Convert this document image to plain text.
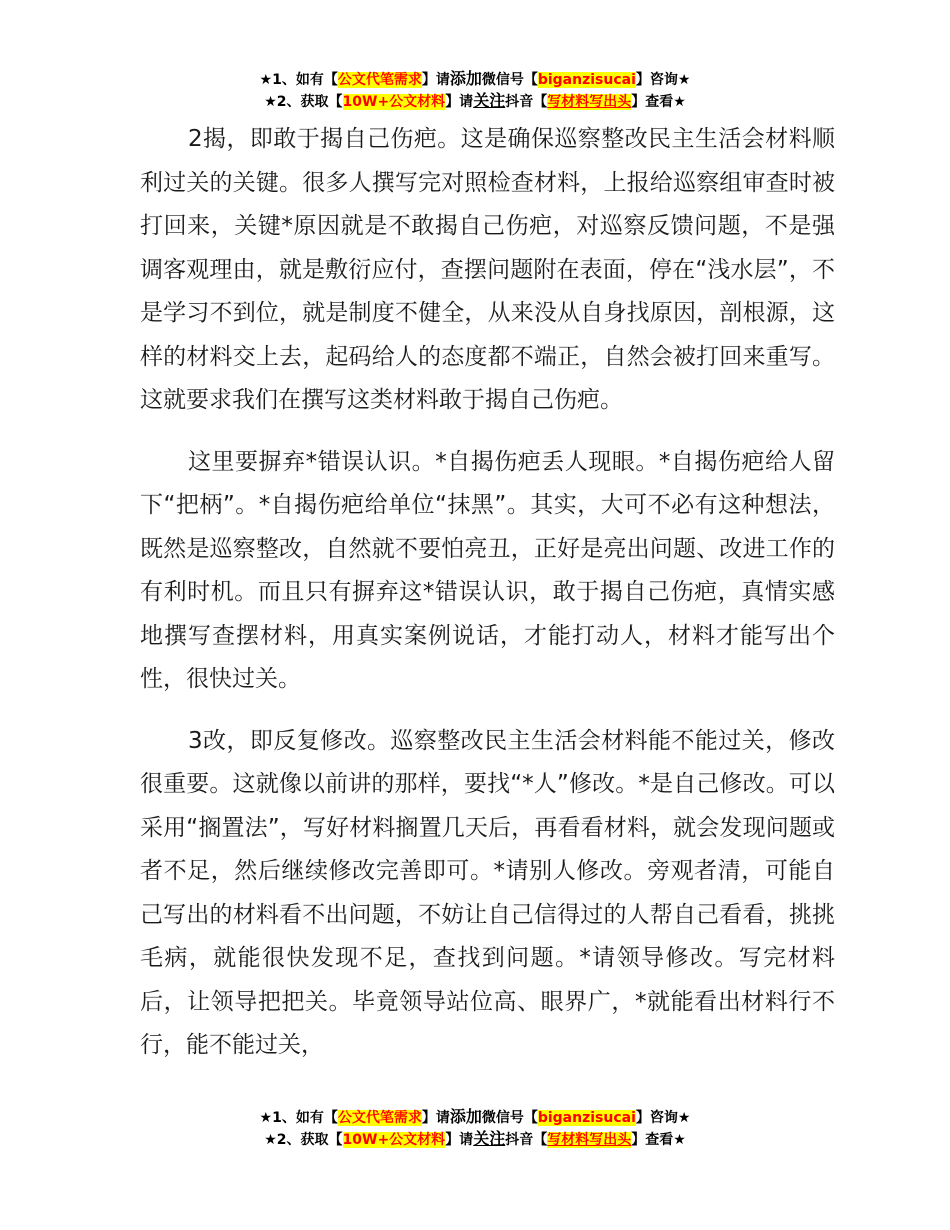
★1、如有【公文代笔需求】请添加微信号【biganzisucai】咨询★
★2、获取【10W+公文材料】请关注抖音【写材料写出头】查看★

2揭，即敢于揭自己伤疤。这是确保巡察整改民主生活会材料顺利过关的关键。很多人撰写完对照检查材料，上报给巡察组审查时被打回来，关键*原因就是不敢揭自己伤疤，对巡察反馈问题，不是强调客观理由，就是敷衍应付，查摆问题附在表面，停在“浅水层”，不是学习不到位，就是制度不健全，从来没从自身找原因，剖根源，这样的材料交上去，起码给人的态度都不端正，自然会被打回来重写。这就要求我们在撰写这类材料敢于揭自己伤疤。

这里要摒弃*错误认识。*自揭伤疤丢人现眼。*自揭伤疤给人留下“把柄”。*自揭伤疤给单位“抹黑”。其实，大可不必有这种想法，既然是巡察整改，自然就不要怕亮丑，正好是亮出问题、改进工作的有利时机。而且只有摒弃这*错误认识，敢于揭自己伤疤，真情实感地撰写查摆材料，用真实案例说话，才能打动人，材料才能写出个性，很快过关。

3改，即反复修改。巡察整改民主生活会材料能不能过关，修改很重要。这就像以前讲的那样，要找“*人”修改。*是自己修改。可以采用“搁置法”，写好材料搁置几天后，再看看材料，就会发现问题或者不足，然后继续修改完善即可。*请别人修改。旁观者清，可能自己写出的材料看不出问题，不妨让自己信得过的人帮自己看看，挑挑毛病，就能很快发现不足，查找到问题。*请领导修改。写完材料后，让领导把把关。毕竟领导站位高、眼界广，*就能看出材料行不行，能不能过关，

★1、如有【公文代笔需求】请添加微信号【biganzisucai】咨询★
★2、获取【10W+公文材料】请关注抖音【写材料写出头】查看★
